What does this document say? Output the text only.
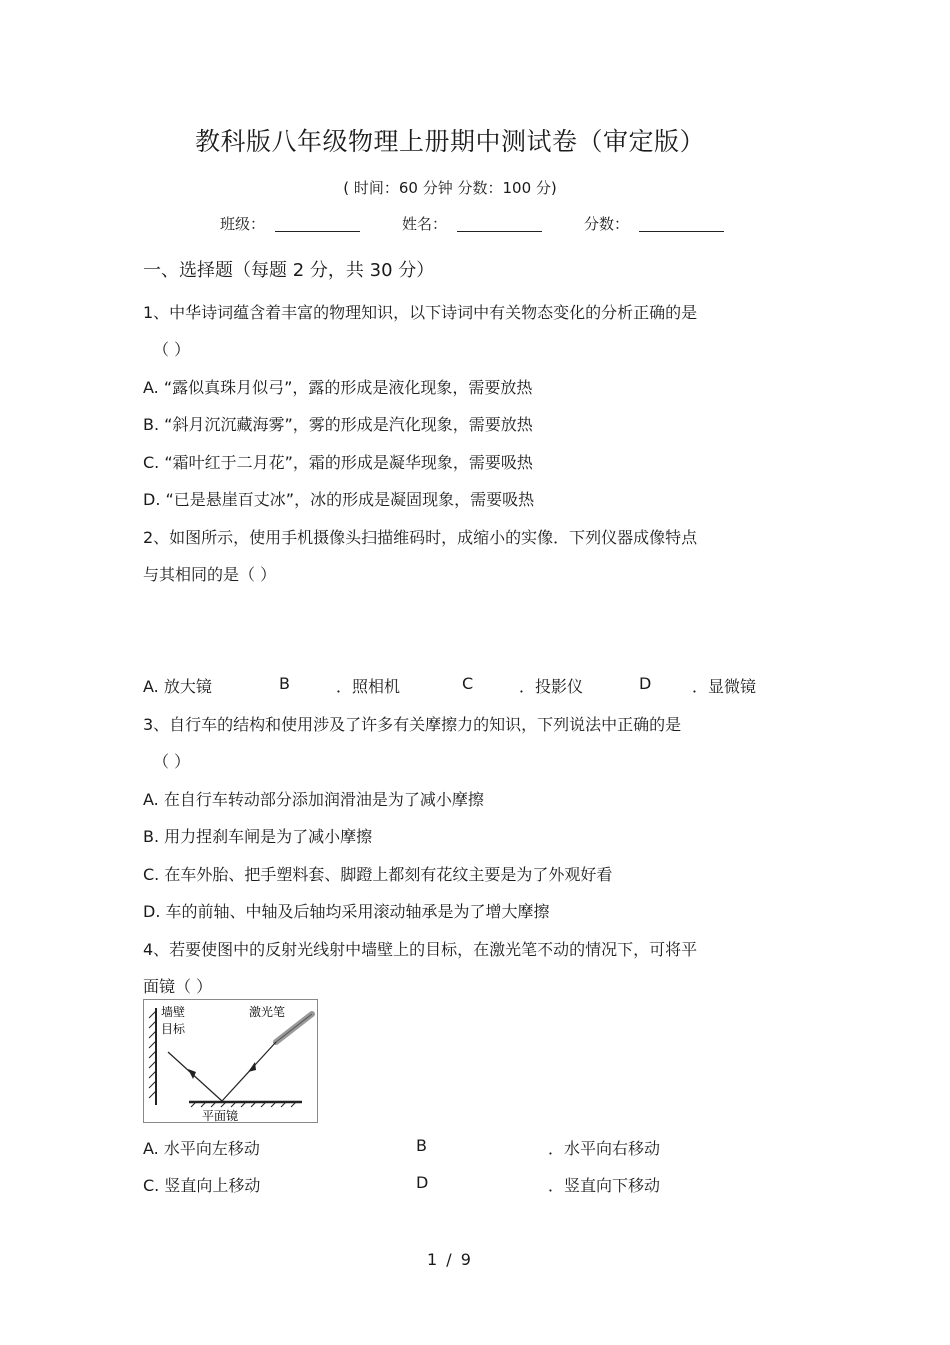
教科版八年级物理上册期中测试卷（审定版）
( 时间：60 分钟 分数：100 分)
班级：	姓名：	分数：
一、选择题（每题 2 分，共 30 分）
1、中华诗词蕴含着丰富的物理知识，以下诗词中有关物态变化的分析正确的是
（ ）
A. “露似真珠月似弓”，露的形成是液化现象，需要放热
B. “斜月沉沉藏海雾”，雾的形成是汽化现象，需要放热
C. “霜叶红于二月花”，霜的形成是凝华现象，需要吸热
D. “已是悬崖百丈冰”，冰的形成是凝固现象，需要吸热
2、如图所示，使用手机摄像头扫描维码时，成缩小的实像．下列仪器成像特点
与其相同的是（ ）
A. 放大镜	B	．照相机	C	．投影仪	D	．显微镜
3、自行车的结构和使用涉及了许多有关摩擦力的知识，下列说法中正确的是
（ ）
A. 在自行车转动部分添加润滑油是为了减小摩擦
B. 用力捏刹车闸是为了减小摩擦
C. 在车外胎、把手塑料套、脚蹬上都刻有花纹主要是为了外观好看
D. 车的前轴、中轴及后轴均采用滚动轴承是为了增大摩擦
4、若要使图中的反射光线射中墙壁上的目标，在激光笔不动的情况下，可将平
面镜（ ）
墙壁
目标
激光笔
平面镜
A. 水平向左移动	B	．水平向右移动
C. 竖直向上移动	D	．竖直向下移动
1 / 9
